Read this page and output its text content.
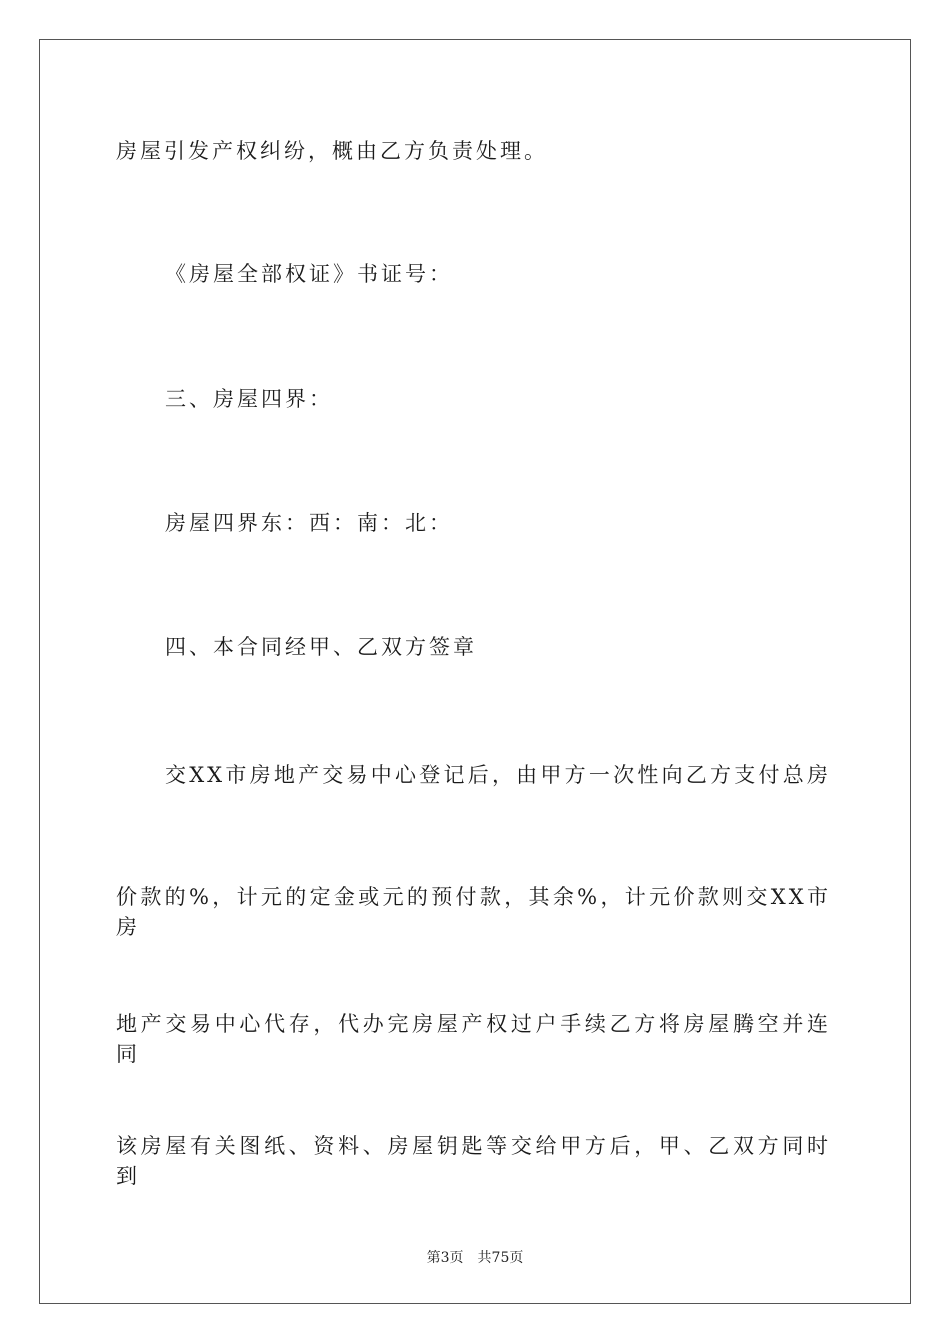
房屋引发产权纠纷，概由乙方负责处理。
《房屋全部权证》书证号：
三、房屋四界：
房屋四界东：西：南：北：
四、本合同经甲、乙双方签章
交XX市房地产交易中心登记后，由甲方一次性向乙方支付总房
价款的%，计元的定金或元的预付款，其余%，计元价款则交XX市房
地产交易中心代存，代办完房屋产权过户手续乙方将房屋腾空并连同
该房屋有关图纸、资料、房屋钥匙等交给甲方后，甲、乙双方同时到
第3页 共75页
